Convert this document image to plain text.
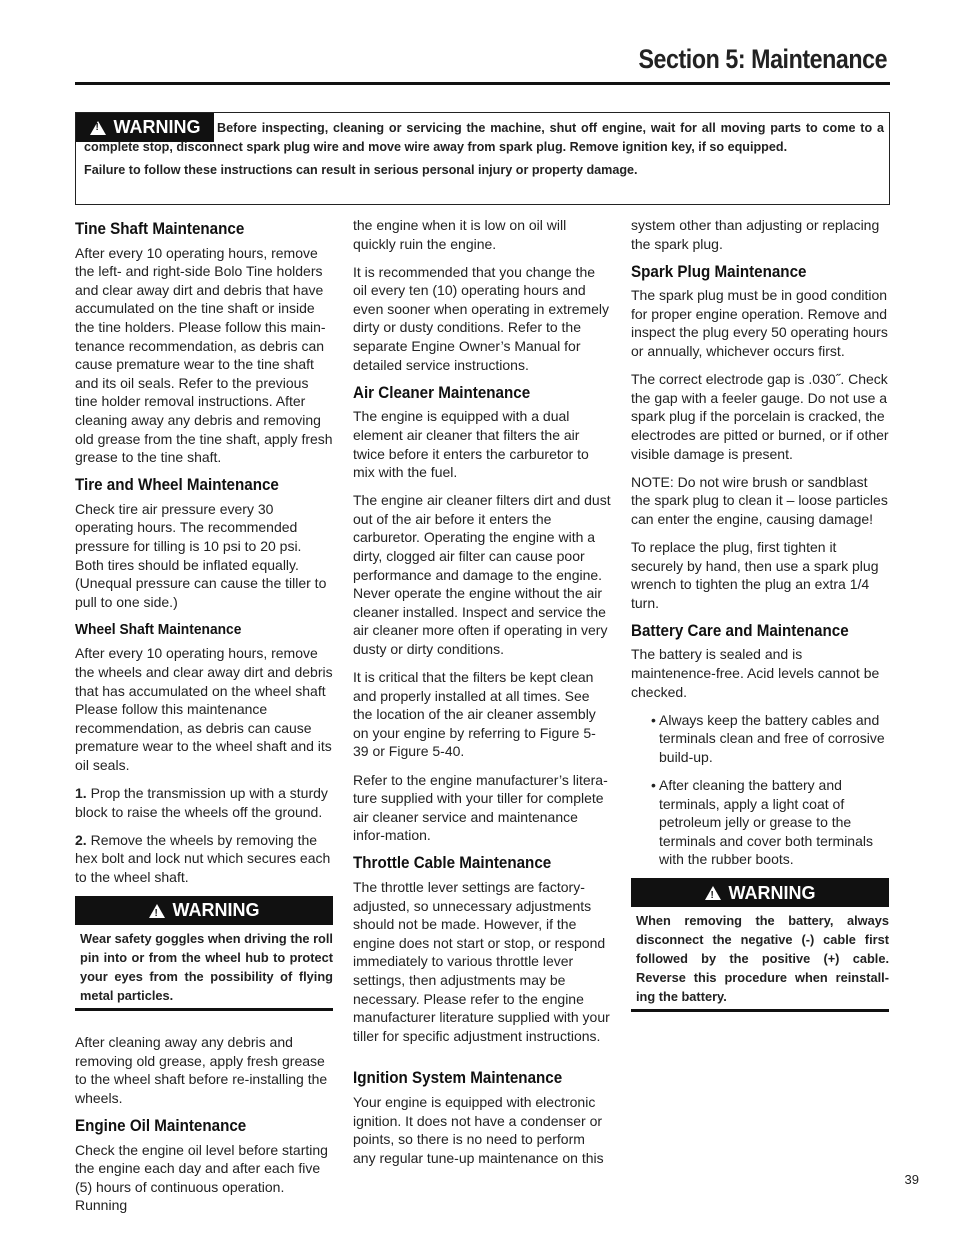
Section 5: Maintenance
!
WARNING	Before inspecting, cleaning or servicing the machine, shut off engine, wait for all moving parts to come to a complete stop, disconnect spark plug wire and move wire away from spark plug. Remove ignition key, if so equipped.
Failure to follow these instructions can result in serious personal injury or property damage.
Tine Shaft Maintenance

After every 10 operating hours, remove the left- and right-side Bolo Tine holders and clear away dirt and debris that have accumulated on the tine shaft or inside the tine holders. Please follow this main-tenance recommendation, as debris can cause premature wear to the tine shaft and its oil seals. Refer to the previous tine holder removal instructions. After cleaning away any debris and removing old grease from the tine shaft, apply fresh grease to the tine shaft.

Tire and Wheel Maintenance

Check tire air pressure every 30 operating hours. The recommended pressure for tilling is 10 psi to 20 psi. Both tires should be inflated equally. (Unequal pressure can cause the tiller to pull to one side.)

Wheel Shaft Maintenance

After every 10 operating hours, remove the wheels and clear away dirt and debris that has accumulated on the wheel shaft Please follow this maintenance recommendation, as debris can cause premature wear to the wheel shaft and its oil seals.

1. Prop the transmission up with a sturdy block to raise the wheels off the ground.

2. Remove the wheels by removing the hex bolt and lock nut which secures each to the wheel shaft.

!
WARNING
Wear safety goggles when driving the roll pin into or from the wheel hub to protect your eyes from the possibility of flying metal particles.

After cleaning away any debris and removing old grease, apply fresh grease to the wheel shaft before re-installing the wheels.

Engine Oil Maintenance

Check the engine oil level before starting the engine each day and after each five (5) hours of continuous operation. Running

the engine when it is low on oil will quickly ruin the engine.

It is recommended that you change the oil every ten (10) operating hours and even sooner when operating in extremely dirty or dusty conditions. Refer to the separate Engine Owner’s Manual for detailed service instructions.

Air Cleaner Maintenance

The engine is equipped with a dual element air cleaner that filters the air twice before it enters the carburetor to mix with the fuel.

The engine air cleaner filters dirt and dust out of the air before it enters the carburetor. Operating the engine with a dirty, clogged air filter can cause poor performance and damage to the engine. Never operate the engine without the air cleaner installed. Inspect and service the air cleaner more often if operating in very dusty or dirty conditions.

It is critical that the filters be kept clean and properly installed at all times. See the location of the air cleaner assembly on your engine by referring to Figure 5-39 or Figure 5-40.

Refer to the engine manufacturer’s litera-ture supplied with your tiller for complete air cleaner service and maintenance infor-mation.

Throttle Cable Maintenance

The throttle lever settings are factory-adjusted, so unnecessary adjustments should not be made. However, if the engine does not start or stop, or respond immediately to various throttle lever settings, then adjustments may be necessary. Please refer to the engine manufacturer literature supplied with your tiller for specific adjustment instructions.

Ignition System Maintenance

Your engine is equipped with electronic ignition. It does not have a condenser or points, so there is no need to perform any regular tune-up maintenance on this

system other than adjusting or replacing the spark plug.

Spark Plug Maintenance

The spark plug must be in good condition for proper engine operation. Remove and inspect the plug every 50 operating hours or annually, whichever occurs first.

The correct electrode gap is .030˝. Check the gap with a feeler gauge. Do not use a spark plug if the porcelain is cracked, the electrodes are pitted or burned, or if other visible damage is present.

NOTE: Do not wire brush or sandblast the spark plug to clean it – loose particles can enter the engine, causing damage!

To replace the plug, first tighten it securely by hand, then use a spark plug wrench to tighten the plug an extra 1/4 turn.

Battery Care and Maintenance

The battery is sealed and is maintenence-free. Acid levels cannot be checked.

• Always keep the battery cables and terminals clean and free of corrosive build-up.

• After cleaning the battery and terminals, apply a light coat of petroleum jelly or grease to the terminals and cover both terminals with the rubber boots.

!
WARNING
When removing the battery, always disconnect the negative (-) cable first followed by the positive (+) cable. Reverse this procedure when reinstall-ing the battery.
39
